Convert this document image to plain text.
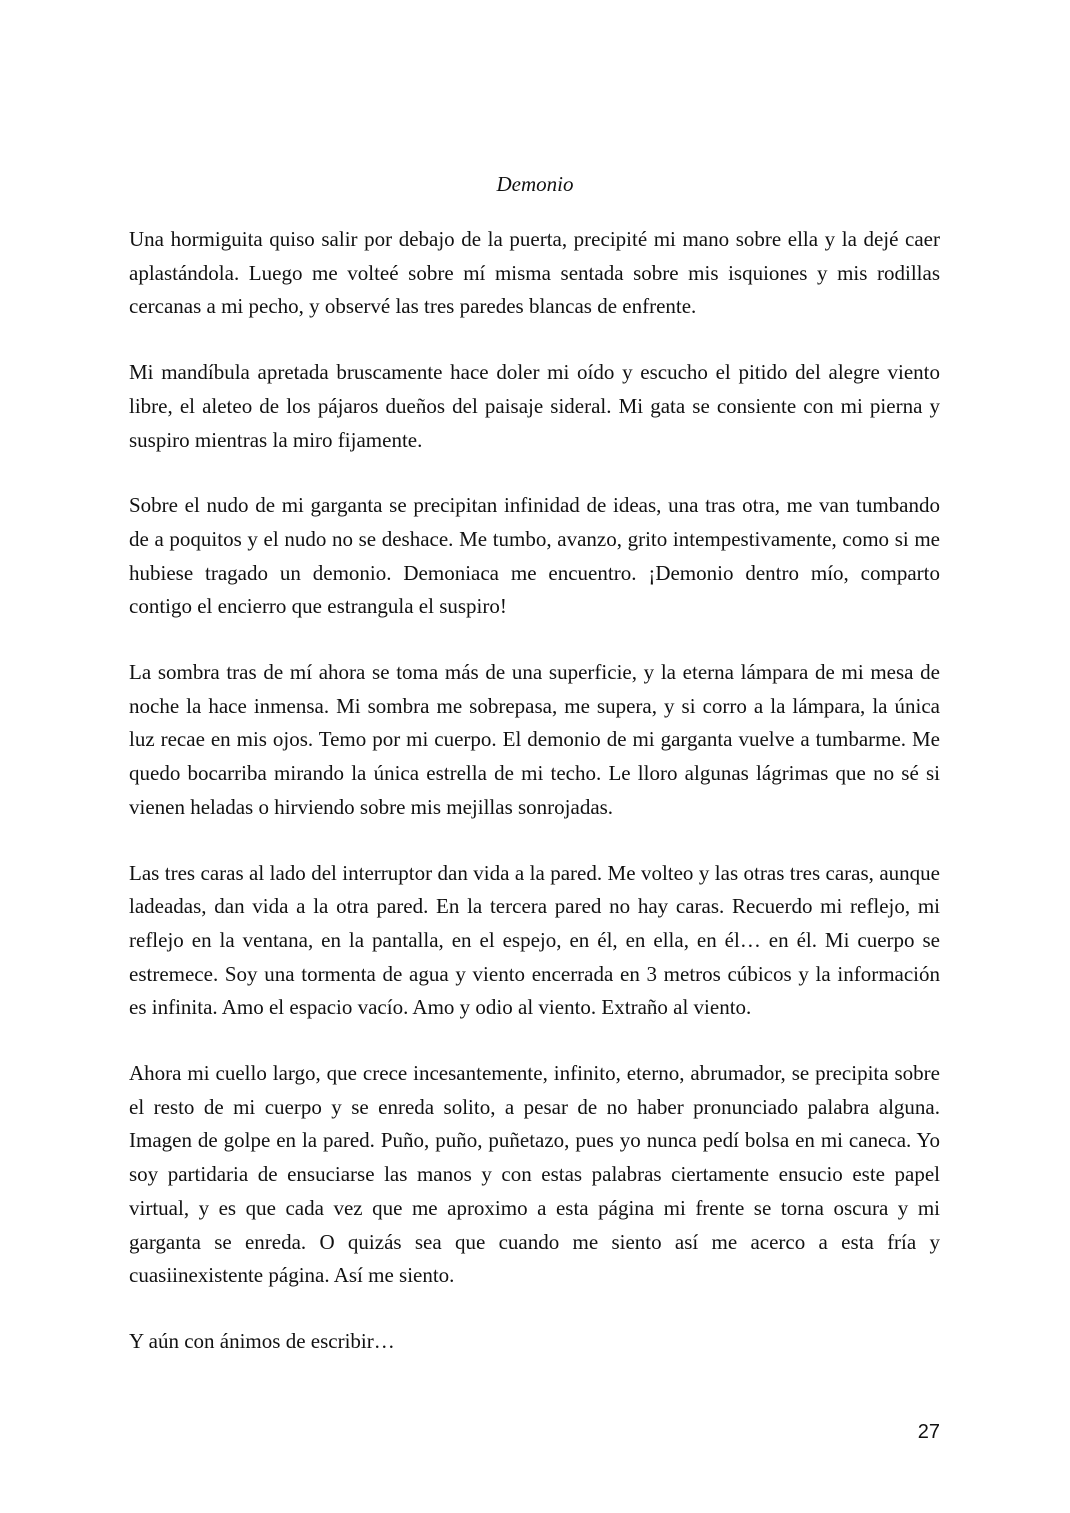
Demonio

Una hormiguita quiso salir por debajo de la puerta, precipité mi mano sobre ella y la dejé caer aplastándola. Luego me volteé sobre mí misma sentada sobre mis isquiones y mis rodillas cercanas a mi pecho, y observé las tres paredes blancas de enfrente.

Mi mandíbula apretada bruscamente hace doler mi oído y escucho el pitido del alegre viento libre, el aleteo de los pájaros dueños del paisaje sideral. Mi gata se consiente con mi pierna y suspiro mientras la miro fijamente.

Sobre el nudo de mi garganta se precipitan infinidad de ideas, una tras otra, me van tumbando de a poquitos y el nudo no se deshace. Me tumbo, avanzo, grito intempestivamente, como si me hubiese tragado un demonio. Demoniaca me encuentro. ¡Demonio dentro mío, comparto contigo el encierro que estrangula el suspiro!

La sombra tras de mí ahora se toma más de una superficie, y la eterna lámpara de mi mesa de noche la hace inmensa. Mi sombra me sobrepasa, me supera, y si corro a la lámpara, la única luz recae en mis ojos. Temo por mi cuerpo. El demonio de mi garganta vuelve a tumbarme. Me quedo bocarriba mirando la única estrella de mi techo. Le lloro algunas lágrimas que no sé si vienen heladas o hirviendo sobre mis mejillas sonrojadas.

Las tres caras al lado del interruptor dan vida a la pared. Me volteo y las otras tres caras, aunque ladeadas, dan vida a la otra pared. En la tercera pared no hay caras. Recuerdo mi reflejo, mi reflejo en la ventana, en la pantalla, en el espejo, en él, en ella, en él… en él. Mi cuerpo se estremece. Soy una tormenta de agua y viento encerrada en 3 metros cúbicos y la información es infinita. Amo el espacio vacío. Amo y odio al viento. Extraño al viento.

Ahora mi cuello largo, que crece incesantemente, infinito, eterno, abrumador, se precipita sobre el resto de mi cuerpo y se enreda solito, a pesar de no haber pronunciado palabra alguna. Imagen de golpe en la pared. Puño, puño, puñetazo, pues yo nunca pedí bolsa en mi caneca. Yo soy partidaria de ensuciarse las manos y con estas palabras ciertamente ensucio este papel virtual, y es que cada vez que me aproximo a esta página mi frente se torna oscura y mi garganta se enreda. O quizás sea que cuando me siento así me acerco a esta fría y cuasiinexistente página. Así me siento.

Y aún con ánimos de escribir…

27
